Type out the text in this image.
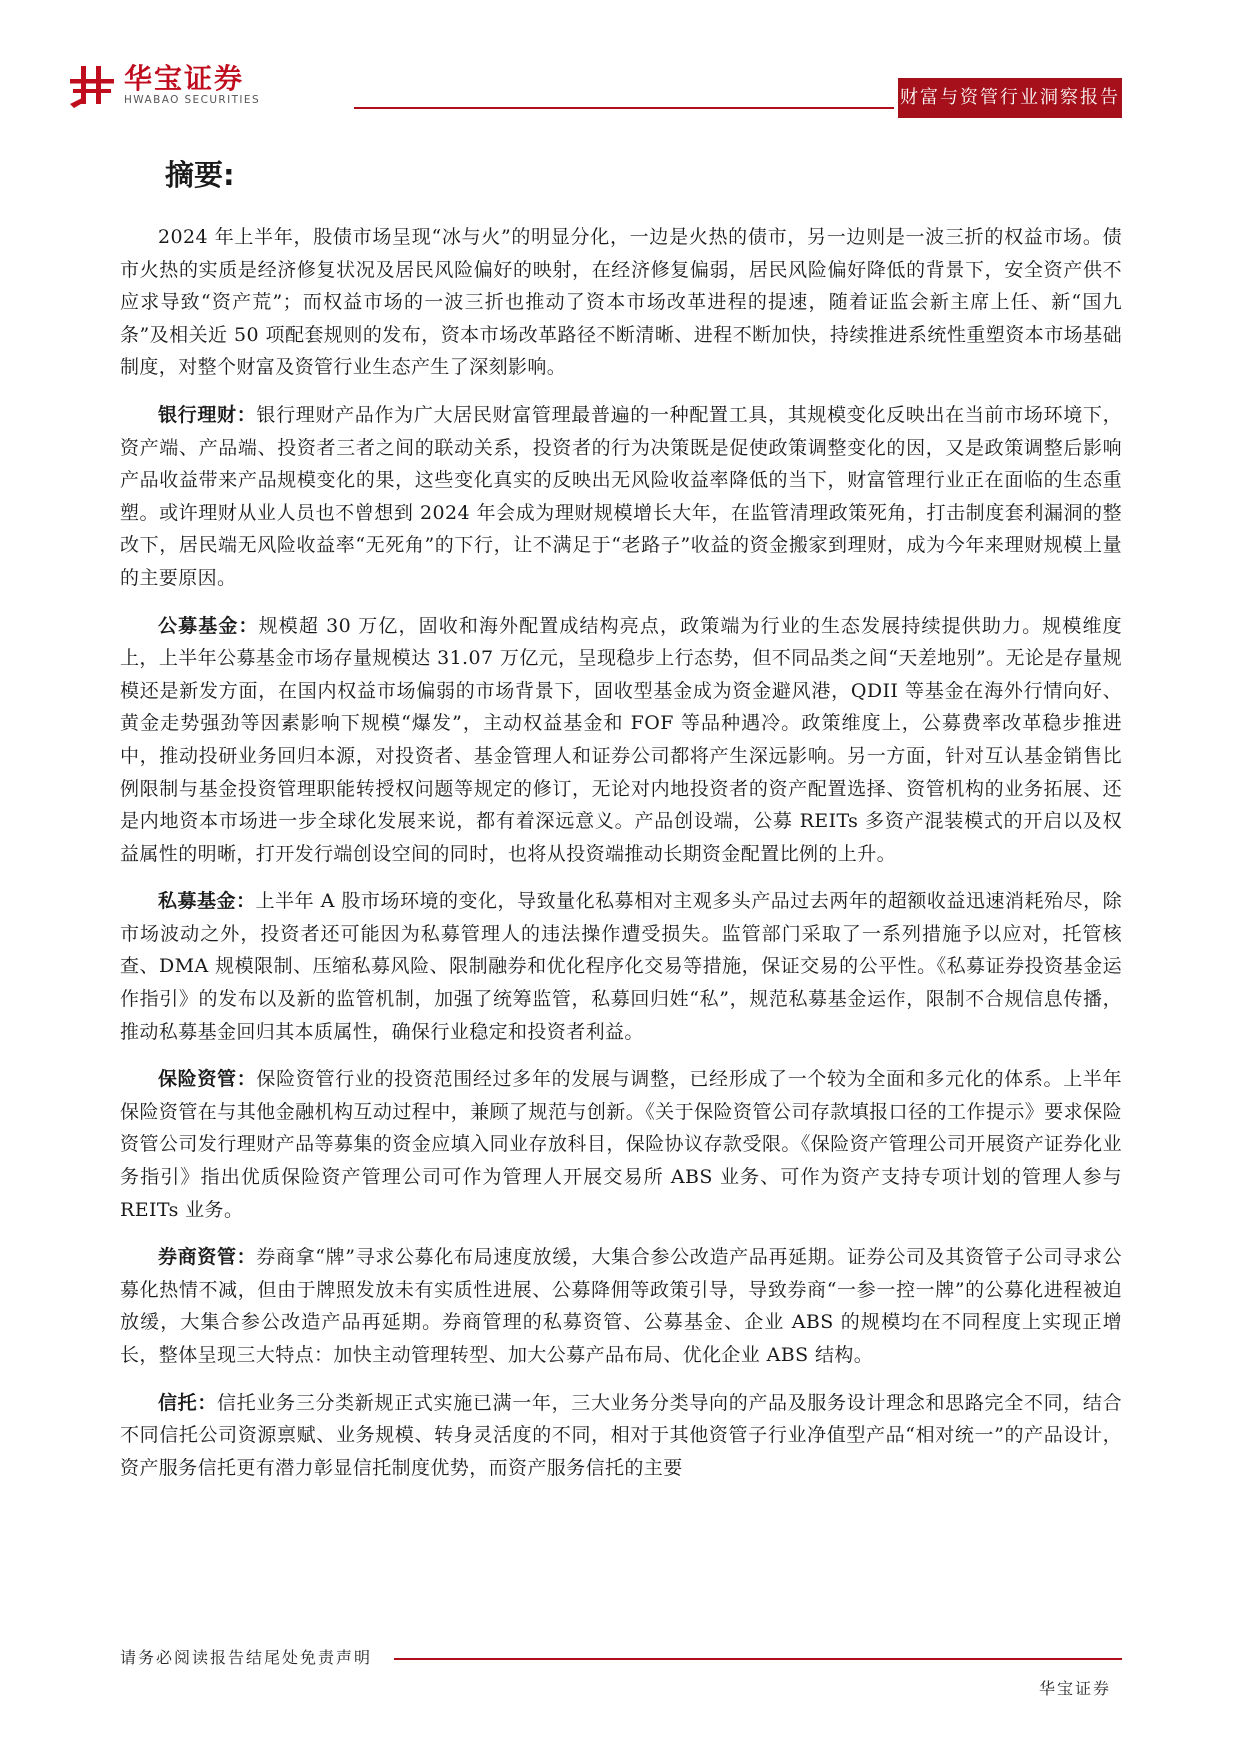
华宝证券
HWABAO SECURITIES	财富与资管行业洞察报告
摘要:

2024 年上半年，股债市场呈现“冰与火”的明显分化，一边是火热的债市，另一边则是一波三折的权益市场。债市火热的实质是经济修复状况及居民风险偏好的映射，在经济修复偏弱，居民风险偏好降低的背景下，安全资产供不应求导致“资产荒”；而权益市场的一波三折也推动了资本市场改革进程的提速，随着证监会新主席上任、新“国九条”及相关近 50 项配套规则的发布，资本市场改革路径不断清晰、进程不断加快，持续推进系统性重塑资本市场基础制度，对整个财富及资管行业生态产生了深刻影响。

银行理财：银行理财产品作为广大居民财富管理最普遍的一种配置工具，其规模变化反映出在当前市场环境下，资产端、产品端、投资者三者之间的联动关系，投资者的行为决策既是促使政策调整变化的因，又是政策调整后影响产品收益带来产品规模变化的果，这些变化真实的反映出无风险收益率降低的当下，财富管理行业正在面临的生态重塑。或许理财从业人员也不曾想到 2024 年会成为理财规模增长大年，在监管清理政策死角，打击制度套利漏洞的整改下，居民端无风险收益率“无死角”的下行，让不满足于“老路子”收益的资金搬家到理财，成为今年来理财规模上量的主要原因。

公募基金：规模超 30 万亿，固收和海外配置成结构亮点，政策端为行业的生态发展持续提供助力。规模维度上，上半年公募基金市场存量规模达 31.07 万亿元，呈现稳步上行态势，但不同品类之间“天差地别”。无论是存量规模还是新发方面，在国内权益市场偏弱的市场背景下，固收型基金成为资金避风港，QDII 等基金在海外行情向好、黄金走势强劲等因素影响下规模“爆发”，主动权益基金和 FOF 等品种遇冷。政策维度上，公募费率改革稳步推进中，推动投研业务回归本源，对投资者、基金管理人和证券公司都将产生深远影响。另一方面，针对互认基金销售比例限制与基金投资管理职能转授权问题等规定的修订，无论对内地投资者的资产配置选择、资管机构的业务拓展、还是内地资本市场进一步全球化发展来说，都有着深远意义。产品创设端，公募 REITs 多资产混装模式的开启以及权益属性的明晰，打开发行端创设空间的同时，也将从投资端推动长期资金配置比例的上升。

私募基金：上半年 A 股市场环境的变化，导致量化私募相对主观多头产品过去两年的超额收益迅速消耗殆尽，除市场波动之外，投资者还可能因为私募管理人的违法操作遭受损失。监管部门采取了一系列措施予以应对，托管核查、DMA 规模限制、压缩私募风险、限制融券和优化程序化交易等措施，保证交易的公平性。《私募证券投资基金运作指引》的发布以及新的监管机制，加强了统筹监管，私募回归姓“私”，规范私募基金运作，限制不合规信息传播，推动私募基金回归其本质属性，确保行业稳定和投资者利益。

保险资管：保险资管行业的投资范围经过多年的发展与调整，已经形成了一个较为全面和多元化的体系。上半年保险资管在与其他金融机构互动过程中，兼顾了规范与创新。《关于保险资管公司存款填报口径的工作提示》要求保险资管公司发行理财产品等募集的资金应填入同业存放科目，保险协议存款受限。《保险资产管理公司开展资产证券化业务指引》指出优质保险资产管理公司可作为管理人开展交易所 ABS 业务、可作为资产支持专项计划的管理人参与 REITs 业务。

券商资管：券商拿“牌”寻求公募化布局速度放缓，大集合参公改造产品再延期。证券公司及其资管子公司寻求公募化热情不减，但由于牌照发放未有实质性进展、公募降佣等政策引导，导致券商“一参一控一牌”的公募化进程被迫放缓，大集合参公改造产品再延期。券商管理的私募资管、公募基金、企业 ABS 的规模均在不同程度上实现正增长，整体呈现三大特点：加快主动管理转型、加大公募产品布局、优化企业 ABS 结构。

信托：信托业务三分类新规正式实施已满一年，三大业务分类导向的产品及服务设计理念和思路完全不同，结合不同信托公司资源禀赋、业务规模、转身灵活度的不同，相对于其他资管子行业净值型产品“相对统一”的产品设计，资产服务信托更有潜力彰显信托制度优势，而资产服务信托的主要

请务必阅读报告结尾处免责声明
华宝证券
